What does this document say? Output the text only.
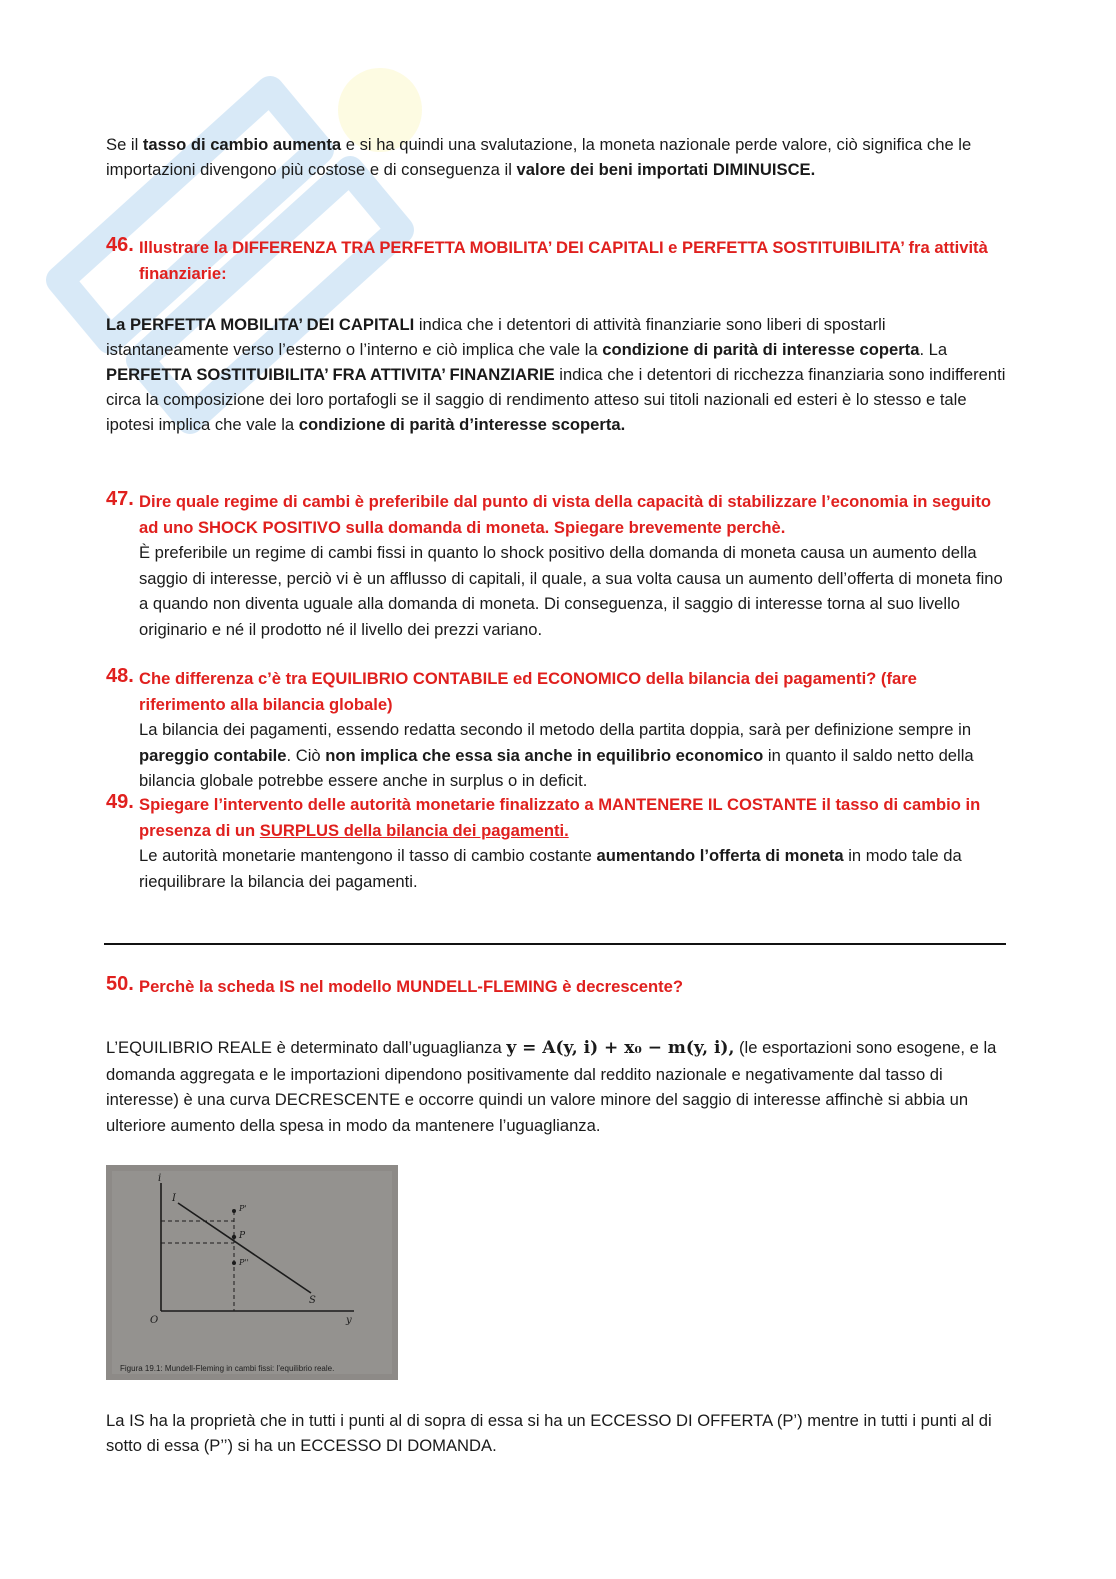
Se il tasso di cambio aumenta e si ha quindi una svalutazione, la moneta nazionale perde valore, ciò significa che le importazioni divengono più costose e di conseguenza il valore dei beni importati DIMINUISCE.

46. Illustrare la DIFFERENZA TRA PERFETTA MOBILITA’ DEI CAPITALI e PERFETTA SOSTITUIBILITA’ fra attività finanziarie:

La PERFETTA MOBILITA’ DEI CAPITALI indica che i detentori di attività finanziarie sono liberi di spostarli istantaneamente verso l’esterno o l’interno e ciò implica che vale la condizione di parità di interesse coperta. La PERFETTA SOSTITUIBILITA’ FRA ATTIVITA’ FINANZIARIE indica che i detentori di ricchezza finanziaria sono indifferenti circa la composizione dei loro portafogli se il saggio di rendimento atteso sui titoli nazionali ed esteri è lo stesso e tale ipotesi implica che vale la condizione di parità d’interesse scoperta.

47. Dire quale regime di cambi è preferibile dal punto di vista della capacità di stabilizzare l’economia in seguito ad uno SHOCK POSITIVO sulla domanda di moneta. Spiegare brevemente perchè.
È preferibile un regime di cambi fissi in quanto lo shock positivo della domanda di moneta causa un aumento della saggio di interesse, perciò vi è un afflusso di capitali, il quale, a sua volta causa un aumento dell’offerta di moneta fino a quando non diventa uguale alla domanda di moneta. Di conseguenza, il saggio di interesse torna al suo livello originario e né il prodotto né il livello dei prezzi variano.
48. Che differenza c’è tra EQUILIBRIO CONTABILE ed ECONOMICO della bilancia dei pagamenti? (fare riferimento alla bilancia globale)
La bilancia dei pagamenti, essendo redatta secondo il metodo della partita doppia, sarà per definizione sempre in pareggio contabile. Ciò non implica che essa sia anche in equilibrio economico in quanto il saldo netto della bilancia globale potrebbe essere anche in surplus o in deficit.
49. Spiegare l’intervento delle autorità monetarie finalizzato a MANTENERE IL COSTANTE il tasso di cambio in presenza di un SURPLUS della bilancia dei pagamenti.
Le autorità monetarie mantengono il tasso di cambio costante aumentando l’offerta di moneta in modo tale da riequilibrare la bilancia dei pagamenti.
50. Perchè la scheda IS nel modello MUNDELL-FLEMING è decrescente?

L’EQUILIBRIO REALE è determinato dall’uguaglianza y = A(y, i) + x₀ − m(y, i), (le esportazioni sono esogene, e la domanda aggregata e le importazioni dipendono positivamente dal reddito nazionale e negativamente dal tasso di interesse) è una curva DECRESCENTE e occorre quindi un valore minore del saggio di interesse affinchè si abbia un ulteriore aumento della spesa in modo da mantenere l’uguaglianza.

i
I
P'
P
P''
S
O	y
Figura 19.1: Mundell-Fleming in cambi fissi: l’equilibrio reale.

La IS ha la proprietà che in tutti i punti al di sopra di essa si ha un ECCESSO DI OFFERTA (P’) mentre in tutti i punti al di sotto di essa (P’’) si ha un ECCESSO DI DOMANDA.
